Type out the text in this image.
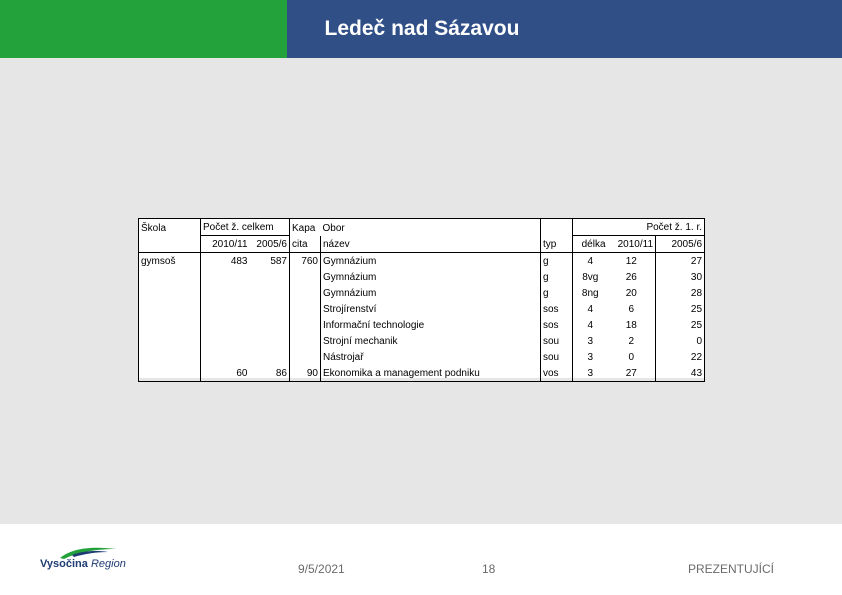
Ledeč nad Sázavou
Škola	Počet ž. celkem		Kapa	Obor		Počet ž. 1. r.		
	2010/11	2005/6	cita	název	typ	délka	2010/11	2005/6
gymsoš	483	587	760	Gymnázium	g	4	12	27
				Gymnázium	g	8vg	26	30
				Gymnázium	g	8ng	20	28
				Strojírenství	sos	4	6	25
				Informační technologie	sos	4	18	25
				Strojní mechanik	sou	3	2	0
				Nástrojař	sou	3	0	22
	60	86	90	Ekonomika a management podniku	vos	3	27	43
Vysočina Region	9/5/2021	18	PREZENTUJÍCÍ
